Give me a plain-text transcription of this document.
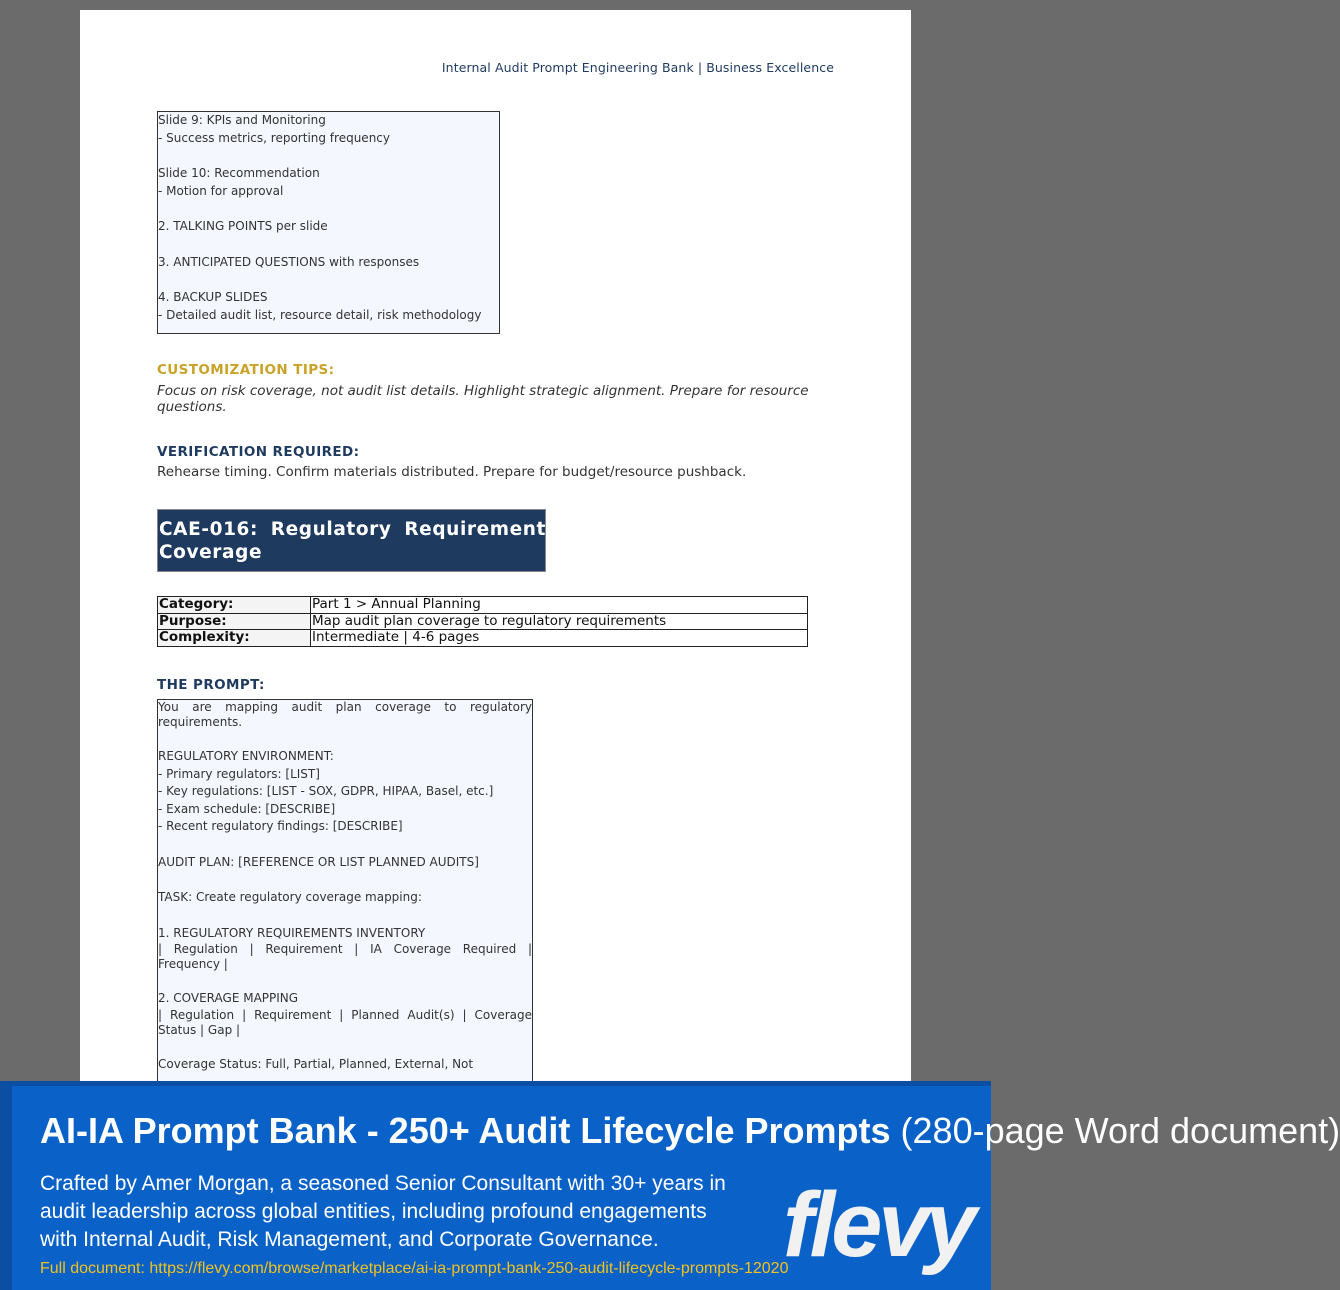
Internal Audit Prompt Engineering Bank | Business Excellence

Slide 9: KPIs and Monitoring
- Success metrics, reporting frequency

Slide 10: Recommendation
- Motion for approval

2. TALKING POINTS per slide

3. ANTICIPATED QUESTIONS with responses

4. BACKUP SLIDES
- Detailed audit list, resource detail, risk methodology

CUSTOMIZATION TIPS:
Focus on risk coverage, not audit list details. Highlight strategic alignment. Prepare for resource questions.
VERIFICATION REQUIRED:
Rehearse timing. Confirm materials distributed. Prepare for budget/resource pushback.
CAE-016: Regulatory Requirement Coverage
Category:	Part 1 > Annual Planning
Purpose:	Map audit plan coverage to regulatory requirements
Complexity:	Intermediate | 4-6 pages
THE PROMPT:

You are mapping audit plan coverage to regulatory requirements.

REGULATORY ENVIRONMENT:
- Primary regulators: [LIST]
- Key regulations: [LIST - SOX, GDPR, HIPAA, Basel, etc.]
- Exam schedule: [DESCRIBE]
- Recent regulatory findings: [DESCRIBE]

AUDIT PLAN: [REFERENCE OR LIST PLANNED AUDITS]

TASK: Create regulatory coverage mapping:

1. REGULATORY REQUIREMENTS INVENTORY

| Regulation | Requirement | IA Coverage Required | Frequency |

2. COVERAGE MAPPING

| Regulation | Requirement | Planned Audit(s) | Coverage Status | Gap |

Coverage Status: Full, Partial, Planned, External, Not

AI-IA Prompt Bank - 250+ Audit Lifecycle Prompts (280-page Word document)
Crafted by Amer Morgan, a seasoned Senior Consultant with 30+ years in audit leadership across global entities, including profound engagements with Internal Audit, Risk Management, and Corporate Governance.
Full document: https://flevy.com/browse/marketplace/ai-ia-prompt-bank-250-audit-lifecycle-prompts-12020
flevy
